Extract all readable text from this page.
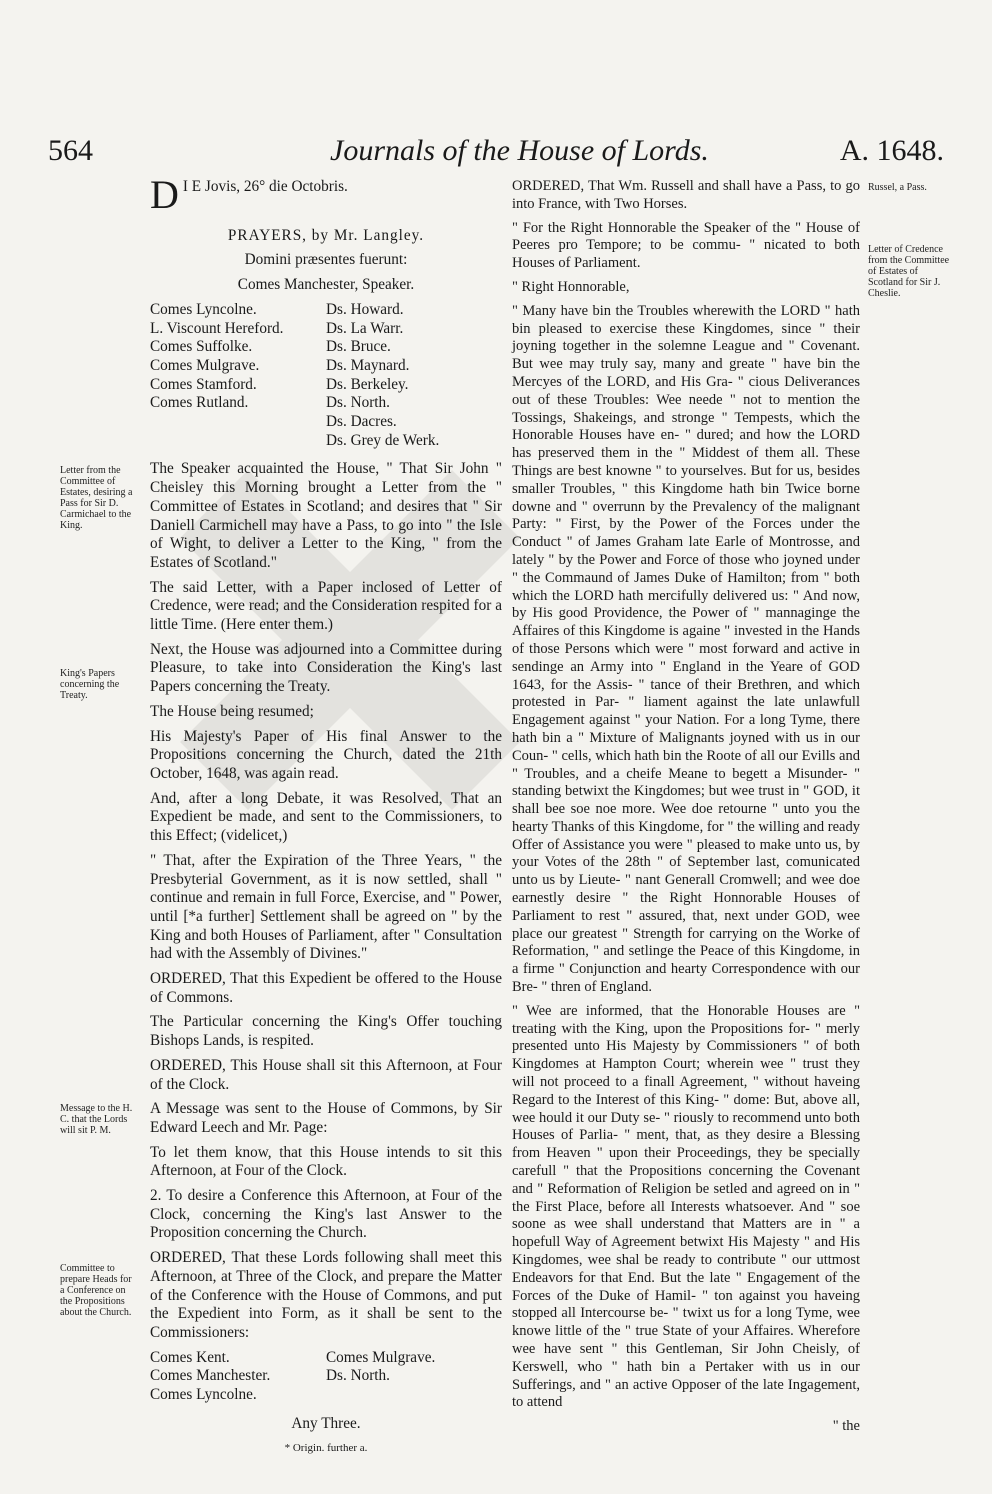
564	Journals of the House of Lords.	A. 1648.

D I E Jovis, 26° die Octobris.

PRAYERS, by Mr. Langley.

Domini præsentes fuerunt:

Comes Manchester, Speaker.

Comes Lyncolne.
L. Viscount Hereford.
Comes Suffolke.
Comes Mulgrave.
Comes Stamford.
Comes Rutland.
Ds. Howard.
Ds. La Warr.
Ds. Bruce.
Ds. Maynard.
Ds. Berkeley.
Ds. North.
Ds. Dacres.
Ds. Grey de Werk.

The Speaker acquainted the House, " That Sir John " Cheisley this Morning brought a Letter from the " Committee of Estates in Scotland; and desires that " Sir Daniell Carmichell may have a Pass, to go into " the Isle of Wight, to deliver a Letter to the King, " from the Estates of Scotland."

The said Letter, with a Paper inclosed of Letter of Credence, were read; and the Consideration respited for a little Time. (Here enter them.)

Next, the House was adjourned into a Committee during Pleasure, to take into Consideration the King's last Papers concerning the Treaty.

The House being resumed;

His Majesty's Paper of His final Answer to the Propositions concerning the Church, dated the 21th October, 1648, was again read.

And, after a long Debate, it was Resolved, That an Expedient be made, and sent to the Commissioners, to this Effect; (videlicet,)

" That, after the Expiration of the Three Years, " the Presbyterial Government, as it is now settled, shall " continue and remain in full Force, Exercise, and " Power, until [*a further] Settlement shall be agreed on " by the King and both Houses of Parliament, after " Consultation had with the Assembly of Divines."

ORDERED, That this Expedient be offered to the House of Commons.

The Particular concerning the King's Offer touching Bishops Lands, is respited.

ORDERED, This House shall sit this Afternoon, at Four of the Clock.

A Message was sent to the House of Commons, by Sir Edward Leech and Mr. Page:

To let them know, that this House intends to sit this Afternoon, at Four of the Clock.

2. To desire a Conference this Afternoon, at Four of the Clock, concerning the King's last Answer to the Proposition concerning the Church.

ORDERED, That these Lords following shall meet this Afternoon, at Three of the Clock, and prepare the Matter of the Conference with the House of Commons, and put the Expedient into Form, as it shall be sent to the Commissioners:

Comes Kent.
Comes Manchester.
Comes Lyncolne.
Comes Mulgrave.
Ds. North.

Any Three.

* Origin. further a.

ORDERED, That Wm. Russell and shall have a Pass, to go into France, with Two Horses.

" For the Right Honnorable the Speaker of the " House of Peeres pro Tempore; to be commu- " nicated to both Houses of Parliament.

" Right Honnorable,

" Many have bin the Troubles wherewith the LORD " hath bin pleased to exercise these Kingdomes, since " their joyning together in the solemne League and " Covenant. But wee may truly say, many and greate " have bin the Mercyes of the LORD, and His Gra- " cious Deliverances out of these Troubles: Wee neede " not to mention the Tossings, Shakeings, and stronge " Tempests, which the Honorable Houses have en- " dured; and how the LORD has preserved them in the " Middest of them all. These Things are best knowne " to yourselves. But for us, besides smaller Troubles, " this Kingdome hath bin Twice borne downe and " overrunn by the Prevalency of the malignant Party: " First, by the Power of the Forces under the Conduct " of James Graham late Earle of Montrosse, and lately " by the Power and Force of those who joyned under " the Commaund of James Duke of Hamilton; from " both which the LORD hath mercifully delivered us: " And now, by His good Providence, the Power of " mannaginge the Affaires of this Kingdome is againe " invested in the Hands of those Persons which were " most forward and active in sendinge an Army into " England in the Yeare of GOD 1643, for the Assis- " tance of their Brethren, and which protested in Par- " liament against the late unlawfull Engagement against " your Nation. For a long Tyme, there hath bin a " Mixture of Malignants joyned with us in our Coun- " cells, which hath bin the Roote of all our Evills and " Troubles, and a cheife Meane to begett a Misunder- " standing betwixt the Kingdomes; but wee trust in " GOD, it shall bee soe noe more. Wee doe retourne " unto you the hearty Thanks of this Kingdome, for " the willing and ready Offer of Assistance you were " pleased to make unto us, by your Votes of the 28th " of September last, comunicated unto us by Lieute- " nant Generall Cromwell; and wee doe earnestly desire " the Right Honnorable Houses of Parliament to rest " assured, that, next under GOD, wee place our greatest " Strength for carrying on the Worke of Reformation, " and setlinge the Peace of this Kingdome, in a firme " Conjunction and hearty Correspondence with our Bre- " thren of England.

" Wee are informed, that the Honorable Houses are " treating with the King, upon the Propositions for- " merly presented unto His Majesty by Commissioners " of both Kingdomes at Hampton Court; wherein wee " trust they will not proceed to a finall Agreement, " without haveing Regard to the Interest of this King- " dome: But, above all, wee hould it our Duty se- " riously to recommend unto both Houses of Parlia- " ment, that, as they desire a Blessing from Heaven " upon their Proceedings, they be specially carefull " that the Propositions concerning the Covenant and " Reformation of Religion be setled and agreed on in " the First Place, before all Interests whatsoever. And " soe soone as wee shall understand that Matters are in " a hopefull Way of Agreement betwixt His Majesty " and His Kingdomes, wee shal be ready to contribute " our uttmost Endeavors for that End. But the late " Engagement of the Forces of the Duke of Hamil- " ton against you haveing stopped all Intercourse be- " twixt us for a long Tyme, wee knowe little of the " true State of your Affaires. Wherefore wee have sent " this Gentleman, Sir John Cheisly, of Kerswell, who " hath bin a Pertaker with us in our Sufferings, and " an active Opposer of the late Ingagement, to attend

" the

Letter from the Committee of Estates, desiring a Pass for Sir D. Carmichael to the King.
King's Papers concerning the Treaty.
Message to the H. C. that the Lords will sit P. M.
Committee to prepare Heads for a Conference on the Propositions about the Church.
Russel, a Pass.
Letter of Credence from the Committee of Estates of Scotland for Sir J. Cheslie.
